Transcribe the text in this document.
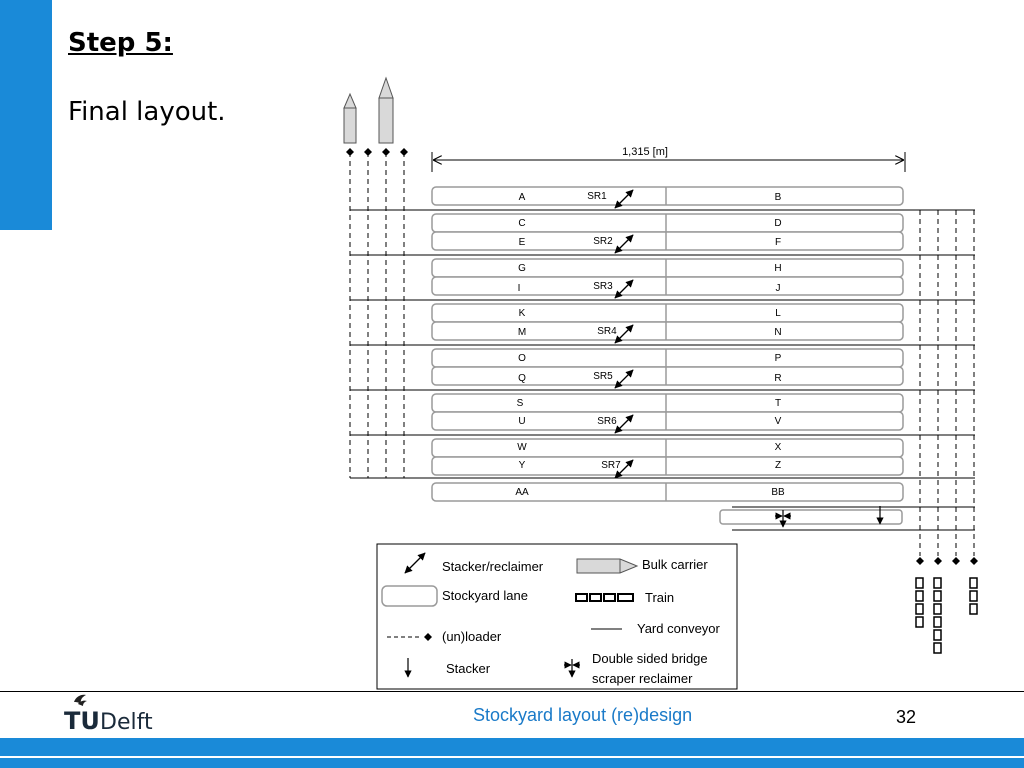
Step 5:
Final layout.
1,315 [m]
A	B
C	D
E	F
G	H
I	J
K	L
M	N
O	P
Q	R
S	T
U	V
W	X
Y	Z
AA	BB
SR1
SR2
SR3
SR4
SR5
SR6
SR7
Stacker/reclaimer	Bulk carrier
Stockyard lane	Train
(un)loader
Yard conveyor
Stacker
Double sided bridge
scraper reclaimer
TU Delft	Stockyard layout (re)design	32
